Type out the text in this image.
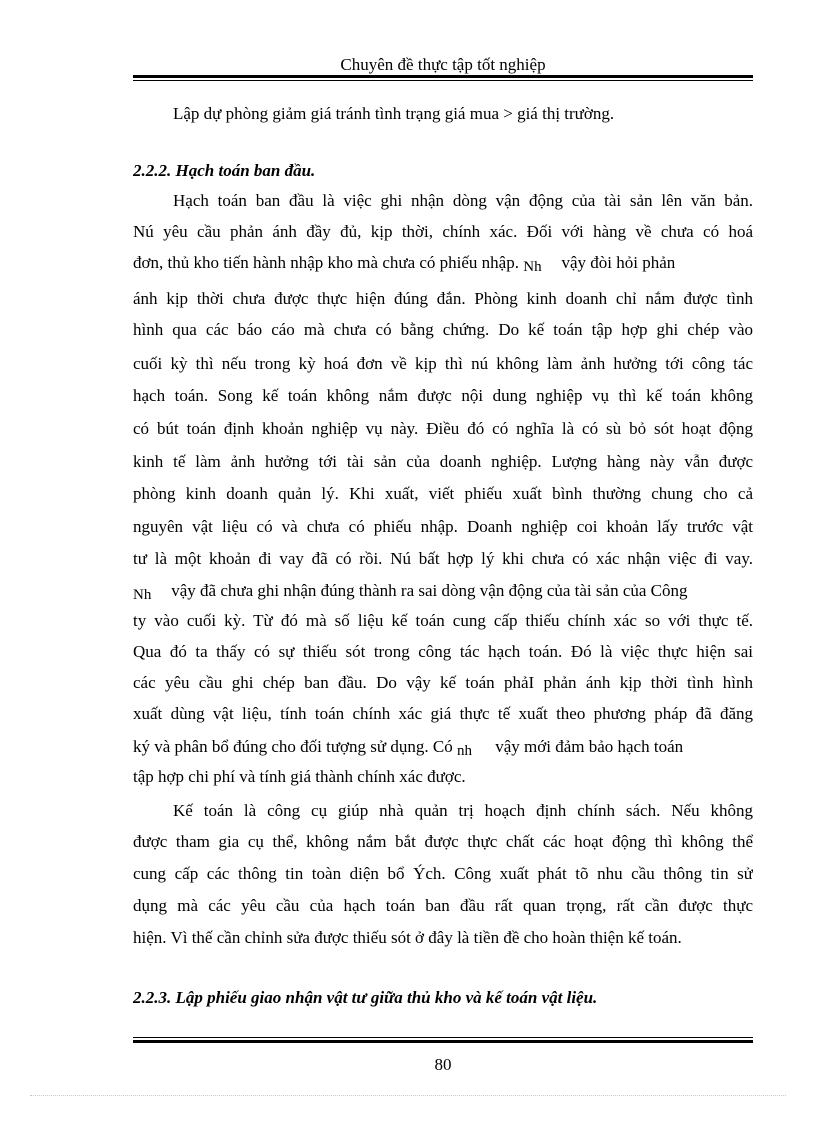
Chuyên đề thực tập tốt nghiệp
Lập dự phòng giảm giá tránh tình trạng giá mua > giá thị trường.
2.2.2. Hạch toán ban đầu.
Hạch toán ban đầu là việc ghi nhận dòng vận động của tài sản lên văn bản.
Nú yêu cầu phản ánh đầy đủ, kịp thời, chính xác. Đối với hàng về chưa có hoá
đơn, thủ kho tiến hành nhập kho mà chưa có phiếu nhập. Nh vậy đòi hỏi phản
ánh kịp thời chưa được thực hiện đúng đắn. Phòng kinh doanh chỉ nắm được tình
hình qua các báo cáo mà chưa có bằng chứng. Do kế toán tập hợp ghi chép vào
cuối kỳ thì nếu trong kỳ hoá đơn về kịp thì nú không làm ảnh hưởng tới công tác
hạch toán. Song kế toán không nắm được nội dung nghiệp vụ thì kế toán không
có bút toán định khoản nghiệp vụ này. Điều đó có nghĩa là có sù bỏ sót hoạt động
kinh tế làm ảnh hưởng tới tài sản của doanh nghiệp. Lượng hàng này vẫn được
phòng kinh doanh quản lý. Khi xuất, viết phiếu xuất bình thường chung cho cả
nguyên vật liệu có và chưa có phiếu nhập. Doanh nghiệp coi khoản lấy trước vật
tư là một khoản đi vay đã có rồi. Nú bất hợp lý khi chưa có xác nhận việc đi vay.
Nh vậy đã chưa ghi nhận đúng thành ra sai dòng vận động của tài sản của Công
ty vào cuối kỳ. Từ đó mà số liệu kế toán cung cấp thiếu chính xác so với thực tế.
Qua đó ta thấy có sự thiếu sót trong công tác hạch toán. Đó là việc thực hiện sai
các yêu cầu ghi chép ban đầu. Do vậy kế toán phảI phản ánh kịp thời tình hình
xuất dùng vật liệu, tính toán chính xác giá thực tế xuất theo phương pháp đã đăng
ký và phân bổ đúng cho đối tượng sử dụng. Có nh vậy mới đảm bảo hạch toán
tập hợp chi phí và tính giá thành chính xác được.
Kế toán là công cụ giúp nhà quản trị hoạch định chính sách. Nếu không
được tham gia cụ thể, không nắm bắt được thực chất các hoạt động thì không thể
cung cấp các thông tin toàn diện bổ Ých. Công xuất phát tõ nhu cầu thông tin sử
dụng mà các yêu cầu của hạch toán ban đầu rất quan trọng, rất cần được thực
hiện. Vì thế cần chỉnh sửa được thiếu sót ở đây là tiền đề cho hoàn thiện kế toán.
2.2.3. Lập phiếu giao nhận vật tư giữa thủ kho và kế toán vật liệu.
80
